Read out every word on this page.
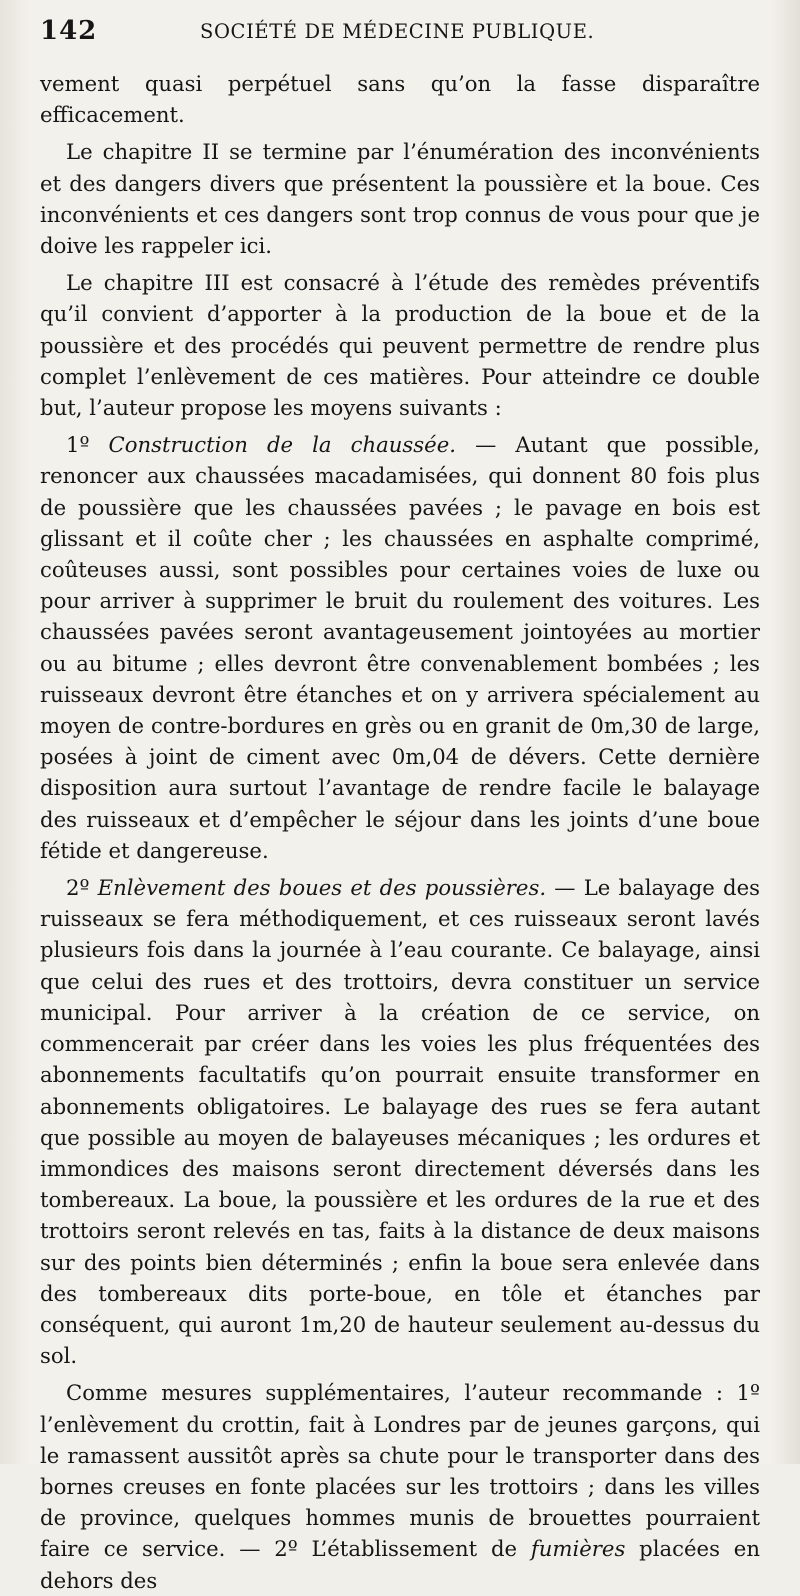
142	SOCIÉTÉ DE MÉDECINE PUBLIQUE.

vement quasi perpétuel sans qu’on la fasse disparaître efficacement.

Le chapitre II se termine par l’énumération des inconvénients et des dangers divers que présentent la poussière et la boue. Ces inconvénients et ces dangers sont trop connus de vous pour que je doive les rappeler ici.

Le chapitre III est consacré à l’étude des remèdes préventifs qu’il convient d’apporter à la production de la boue et de la poussière et des procédés qui peuvent permettre de rendre plus complet l’enlèvement de ces matières. Pour atteindre ce double but, l’auteur propose les moyens suivants :

1º Construction de la chaussée. — Autant que possible, renoncer aux chaussées macadamisées, qui donnent 80 fois plus de poussière que les chaussées pavées ; le pavage en bois est glissant et il coûte cher ; les chaussées en asphalte comprimé, coûteuses aussi, sont possibles pour certaines voies de luxe ou pour arriver à supprimer le bruit du roulement des voitures. Les chaussées pavées seront avantageusement jointoyées au mortier ou au bitume ; elles devront être convenablement bombées ; les ruisseaux devront être étanches et on y arrivera spécialement au moyen de contre-bordures en grès ou en granit de 0m,30 de large, posées à joint de ciment avec 0m,04 de dévers. Cette dernière disposition aura surtout l’avantage de rendre facile le balayage des ruisseaux et d’empêcher le séjour dans les joints d’une boue fétide et dangereuse.

2º Enlèvement des boues et des poussières. — Le balayage des ruisseaux se fera méthodiquement, et ces ruisseaux seront lavés plusieurs fois dans la journée à l’eau courante. Ce balayage, ainsi que celui des rues et des trottoirs, devra constituer un service municipal. Pour arriver à la création de ce service, on commencerait par créer dans les voies les plus fréquentées des abonnements facultatifs qu’on pourrait ensuite transformer en abonnements obligatoires. Le balayage des rues se fera autant que possible au moyen de balayeuses mécaniques ; les ordures et immondices des maisons seront directement déversés dans les tombereaux. La boue, la poussière et les ordures de la rue et des trottoirs seront relevés en tas, faits à la distance de deux maisons sur des points bien déterminés ; enfin la boue sera enlevée dans des tombereaux dits porte-boue, en tôle et étanches par conséquent, qui auront 1m,20 de hauteur seulement au-dessus du sol.

Comme mesures supplémentaires, l’auteur recommande : 1º l’enlèvement du crottin, fait à Londres par de jeunes garçons, qui le ramassent aussitôt après sa chute pour le transporter dans des bornes creuses en fonte placées sur les trottoirs ; dans les villes de province, quelques hommes munis de brouettes pourraient faire ce service. — 2º L’établissement de fumières placées en dehors des
